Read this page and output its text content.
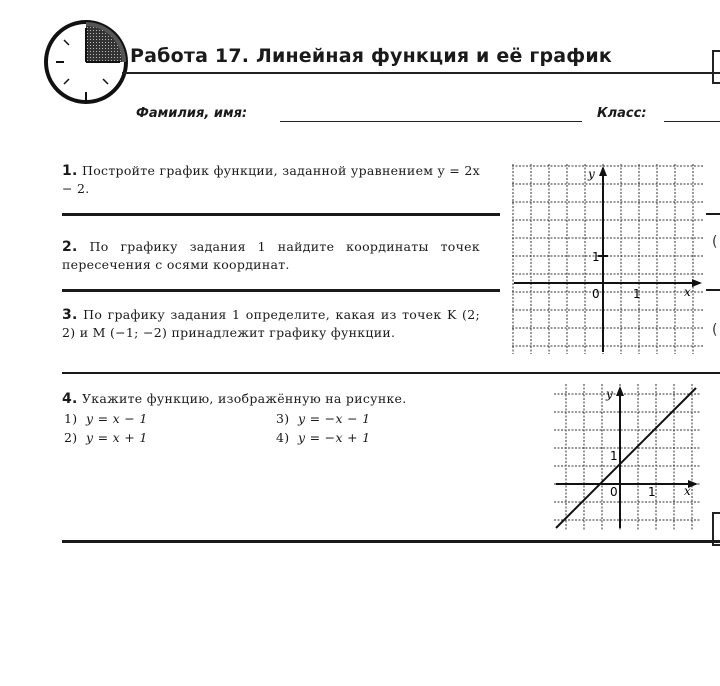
Работа 17. Линейная функция и её график
Фамилия, имя:	Класс:
1. Постройте график функции, заданной уравнением y = 2x − 2.
2. По графику задания 1 найдите координаты точек пересечения с осями координат.
3. По графику задания 1 определите, какая из точек K (2; 2) и M (−1; −2) принадлежит графику функции.
y
x
0	1
1
(
(
4. Укажите функцию, изображённую на рисунке.
1) y = x − 1	3) y = −x − 1
2) y = x + 1	4) y = −x + 1
y
x
0	1
1
